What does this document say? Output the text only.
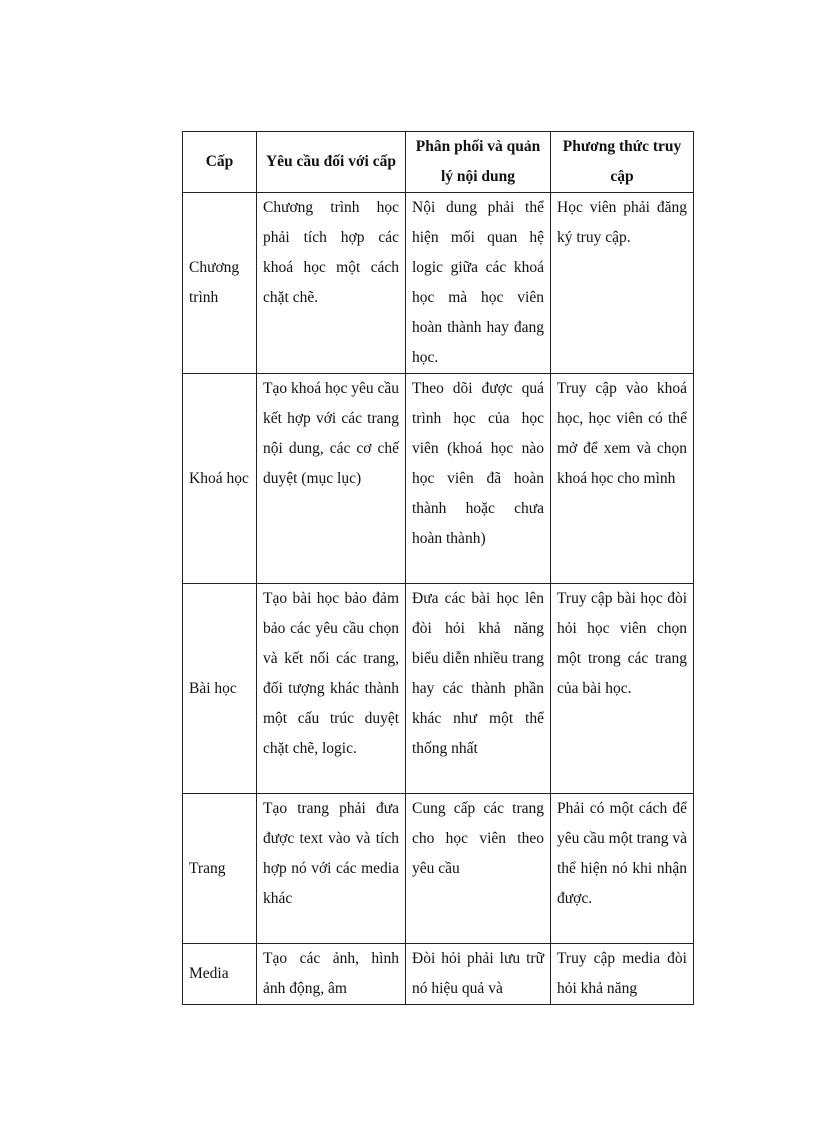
Cấp	Yêu cầu đối với cấp	Phân phối và quản lý nội dung	Phương thức truy cập
Chương trình	Chương trình học phải tích hợp các khoá học một cách chặt chẽ.	Nội dung phải thể hiện mối quan hệ logic giữa các khoá học mà học viên hoàn thành hay đang học.	Học viên phải đăng ký truy cập.
Khoá học	Tạo khoá học yêu cầu kết hợp với các trang nội dung, các cơ chế duyệt (mục lục)	Theo dõi được quá trình học của học viên (khoá học nào học viên đã hoàn thành hoặc chưa hoàn thành)	Truy cập vào khoá học, học viên có thể mở để xem và chọn khoá học cho mình
Bài học	Tạo bài học bảo đảm bảo các yêu cầu chọn và kết nối các trang, đối tượng khác thành một cấu trúc duyệt chặt chẽ, logic.	Đưa các bài học lên đòi hỏi khả năng biểu diễn nhiều trang hay các thành phần khác như một thể thống nhất	Truy cập bài học đòi hỏi học viên chọn một trong các trang của bài học.
Trang	Tạo trang phải đưa được text vào và tích hợp nó với các media khác	Cung cấp các trang cho học viên theo yêu cầu	Phải có một cách để yêu cầu một trang và thể hiện nó khi nhận được.
Media	Tạo các ảnh, hình ảnh động, âm	Đòi hỏi phải lưu trữ nó hiệu quả và	Truy cập media đòi hỏi khả năng
